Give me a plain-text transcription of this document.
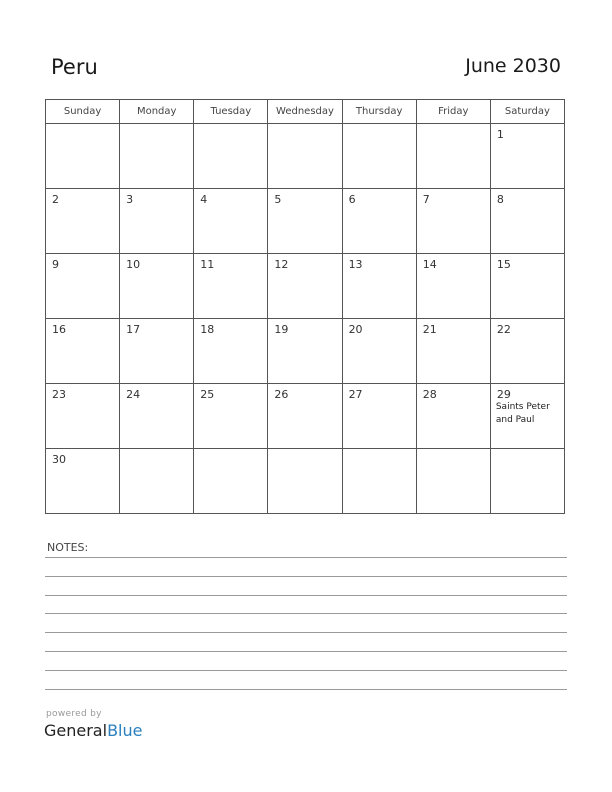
Peru	June 2030
Sunday	Monday	Tuesday	Wednesday	Thursday	Friday	Saturday

						1

2	3	4	5	6	7	8

9	10	11	12	13	14	15

16	17	18	19	20	21	22

23	24	25	26	27	28	29
Saints Peter and Paul

30						

NOTES:
powered by
GeneralBlue
